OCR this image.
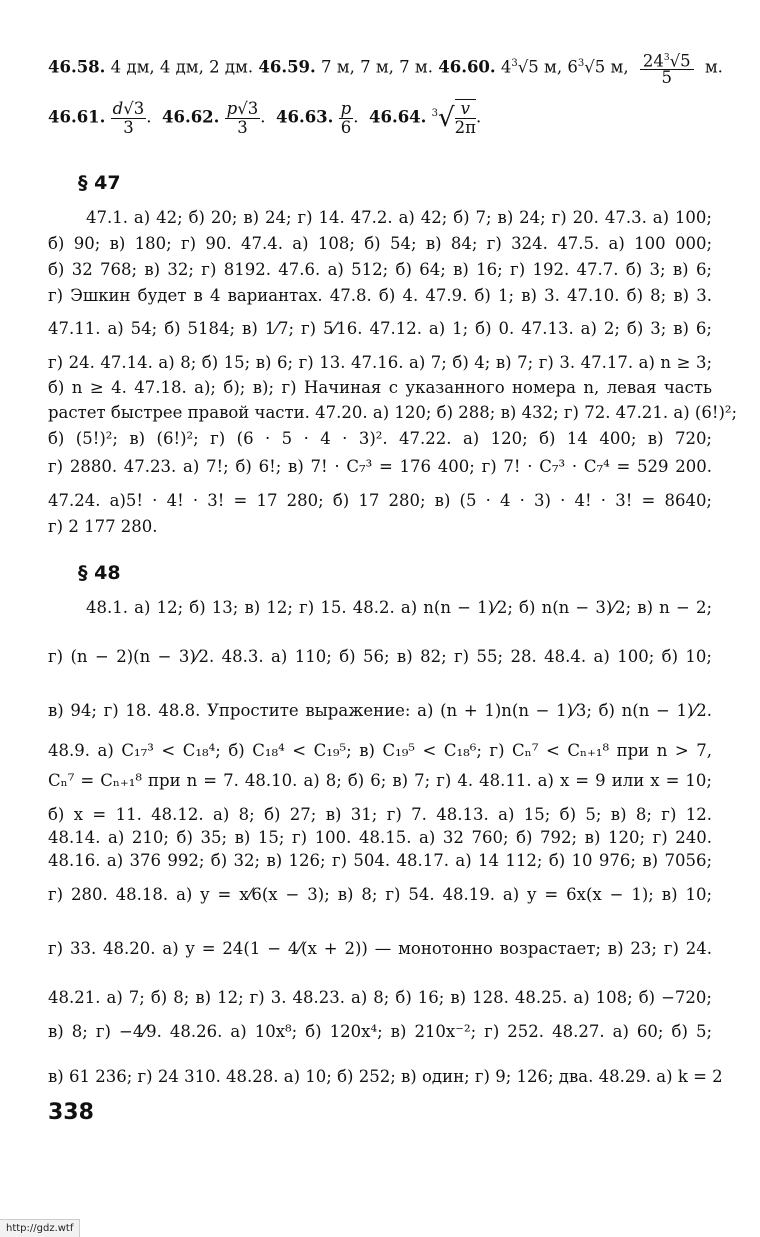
46.58. 4 дм, 4 дм, 2 дм. 46.59. 7 м, 7 м, 7 м. 46.60. $4^3√5$ м, $6^3√5$ м, $\frac{24^3√5}{5} м$.
46.61. $\frac{d√3}{3}$ .  46.62. $\frac{p√3}{3}$ .  46.63. $\frac{p}{6}$ .  46.64. $^3√ \frac{v}{2\pi}$ .
§ 47
47.1. а) 42; б) 20; в) 24; г) 14. 47.2. а) 42; б) 7; в) 24; г) 20. 47.3. а) 100;
б) 90; в) 180; г) 90. 47.4. а) 108; б) 54; в) 84; г) 324. 47.5. а) 100 000;
б) 32 768; в) 32; г) 8192. 47.6. а) 512; б) 64; в) 16; г) 192. 47.7. б) 3; в) 6;
г) Эшкин будет в 4 вариантах. 47.8. б) 4. 47.9. б) 1; в) 3. 47.10. б) 8; в) 3.
47.11. а) 54; б) 5184; в) 1⁄7; г) 5⁄16. 47.12. а) 1; б) 0. 47.13. а) 2; б) 3; в) 6;
г) 24. 47.14. а) 8; б) 15; в) 6; г) 13. 47.16. а) 7; б) 4; в) 7; г) 3. 47.17. а) n ≥ 3;
б) n ≥ 4. 47.18. а); б); в); г) Начиная с указанного номера n, левая часть
растет быстрее правой части. 47.20. а) 120; б) 288; в) 432; г) 72. 47.21. а) (6!)²;
б) (5!)²; в) (6!)²; г) (6 · 5 · 4 · 3)². 47.22. а) 120; б) 14 400; в) 720;
г) 2880. 47.23. а) 7!; б) 6!; в) 7! · C₇³ = 176 400; г) 7! · C₇³ · C₇⁴ = 529 200.
47.24. а)5! · 4! · 3! = 17 280; б) 17 280; в) (5 · 4 · 3) · 4! · 3! = 8640;
г) 2 177 280.
§ 48
48.1. а) 12; б) 13; в) 12; г) 15. 48.2. а) n(n − 1)⁄2; б) n(n − 3)⁄2; в) n − 2;
г) (n − 2)(n − 3)⁄2. 48.3. а) 110; б) 56; в) 82; г) 55; 28. 48.4. а) 100; б) 10;
в) 94; г) 18. 48.8. Упростите выражение: а) (n + 1)n(n − 1)⁄3; б) n(n − 1)⁄2.
48.9. а) C₁₇³ < C₁₈⁴; б) C₁₈⁴ < C₁₉⁵; в) C₁₉⁵ < C₁₈⁶; г) Cₙ⁷ < Cₙ₊₁⁸ при n > 7,
Cₙ⁷ = Cₙ₊₁⁸ при n = 7. 48.10. а) 8; б) 6; в) 7; г) 4. 48.11. а) x = 9 или x = 10;
б) x = 11. 48.12. а) 8; б) 27; в) 31; г) 7. 48.13. а) 15; б) 5; в) 8; г) 12.
48.14. а) 210; б) 35; в) 15; г) 100. 48.15. а) 32 760; б) 792; в) 120; г) 240.
48.16. а) 376 992; б) 32; в) 126; г) 504. 48.17. а) 14 112; б) 10 976; в) 7056;
г) 280. 48.18. а) y = x⁄6(x − 3); в) 8; г) 54. 48.19. а) y = 6x(x − 1); в) 10;
г) 33. 48.20. а) y = 24(1 − 4⁄(x + 2)) — монотонно возрастает; в) 23; г) 24.
48.21. а) 7; б) 8; в) 12; г) 3. 48.23. а) 8; б) 16; в) 128. 48.25. а) 108; б) −720;
в) 8; г) −4⁄9. 48.26. а) 10x⁸; б) 120x⁴; в) 210x⁻²; г) 252. 48.27. а) 60; б) 5;
в) 61 236; г) 24 310. 48.28. а) 10; б) 252; в) один; г) 9; 126; два. 48.29. а) k = 2
338
http://gdz.wtf
